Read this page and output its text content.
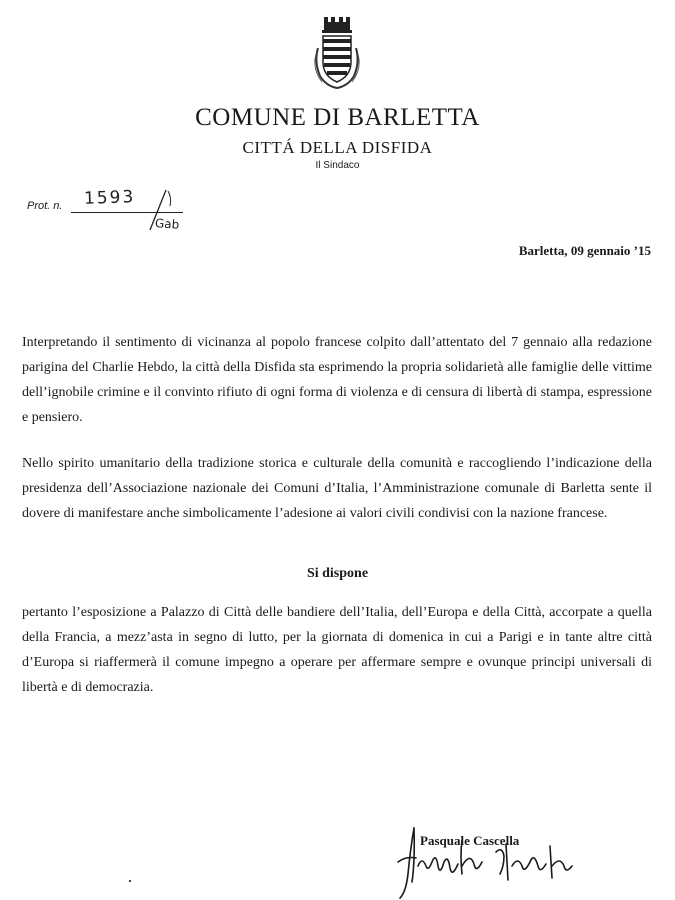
COMUNE DI BARLETTA
CITTÁ DELLA DISFIDA
Il Sindaco
Prot. n. 1593
Gab
Barletta, 09 gennaio ’15
Interpretando il sentimento di vicinanza al popolo francese colpito dall’attentato del 7 gennaio alla redazione parigina del Charlie Hebdo, la città della Disfida sta esprimendo la propria solidarietà alle famiglie delle vittime dell’ignobile crimine e il convinto rifiuto di ogni forma di violenza e di censura di libertà di stampa, espressione e pensiero.
Nello spirito umanitario della tradizione storica e culturale della comunità e raccogliendo l’indicazione della presidenza dell’Associazione nazionale dei Comuni d’Italia, l’Amministrazione comunale di Barletta sente il dovere di manifestare anche simbolicamente l’adesione ai valori civili condivisi con la nazione francese.
Si dispone
pertanto l’esposizione a Palazzo di Città delle bandiere dell’Italia, dell’Europa e della Città, accorpate a quella della Francia, a mezz’asta in segno di lutto, per la giornata di domenica in cui a Parigi e in tante altre città d’Europa si riaffermerà il comune impegno a operare per affermare sempre e ovunque principi universali di libertà e di democrazia.
Pasquale Cascella
